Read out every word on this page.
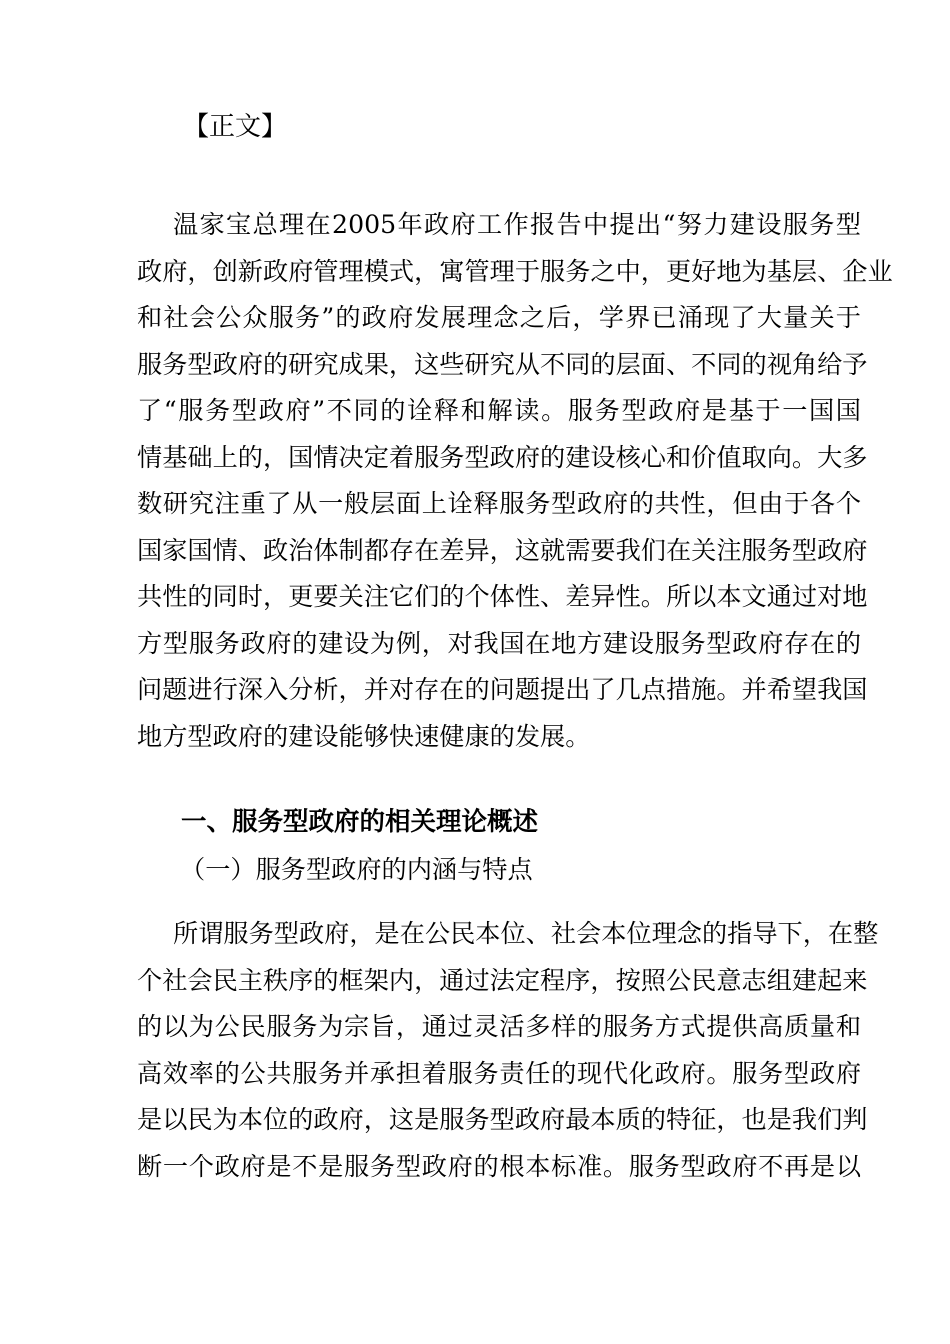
【正文】
温家宝总理在2005年政府工作报告中提出“努力建设服务型
政府，创新政府管理模式，寓管理于服务之中，更好地为基层、企业
和社会公众服务”的政府发展理念之后，学界已涌现了大量关于
服务型政府的研究成果，这些研究从不同的层面、不同的视角给予
了“服务型政府”不同的诠释和解读。服务型政府是基于一国国
情基础上的，国情决定着服务型政府的建设核心和价值取向。大多
数研究注重了从一般层面上诠释服务型政府的共性，但由于各个
国家国情、政治体制都存在差异，这就需要我们在关注服务型政府
共性的同时，更要关注它们的个体性、差异性。所以本文通过对地
方型服务政府的建设为例，对我国在地方建设服务型政府存在的
问题进行深入分析，并对存在的问题提出了几点措施。并希望我国
地方型政府的建设能够快速健康的发展。
一、服务型政府的相关理论概述
（一）服务型政府的内涵与特点
所谓服务型政府，是在公民本位、社会本位理念的指导下，在整
个社会民主秩序的框架内，通过法定程序，按照公民意志组建起来
的以为公民服务为宗旨，通过灵活多样的服务方式提供高质量和
高效率的公共服务并承担着服务责任的现代化政府。服务型政府
是以民为本位的政府，这是服务型政府最本质的特征，也是我们判
断一个政府是不是服务型政府的根本标准。服务型政府不再是以
